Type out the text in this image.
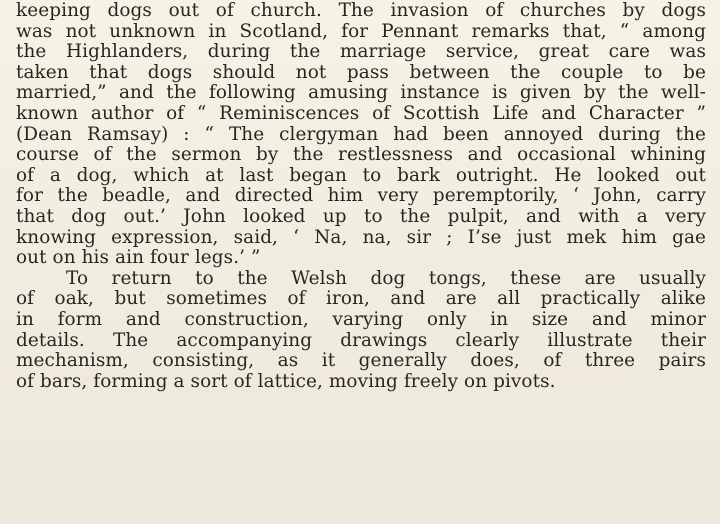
keeping dogs out of church. The invasion of churches by dogs
was not unknown in Scotland, for Pennant remarks that, “ among
the Highlanders, during the marriage service, great care was
taken that dogs should not pass between the couple to be
married,” and the following amusing instance is given by the well-
known author of “ Reminiscences of Scottish Life and Character ”
(Dean Ramsay) : “ The clergyman had been annoyed during the
course of the sermon by the restlessness and occasional whining
of a dog, which at last began to bark outright. He looked out
for the beadle, and directed him very peremptorily, ‘ John, carry
that dog out.’ John looked up to the pulpit, and with a very
knowing expression, said, ‘ Na, na, sir ; I’se just mek him gae
out on his ain four legs.’ ”
To return to the Welsh dog tongs, these are usually
of oak, but sometimes of iron, and are all practically alike
in form and construction, varying only in size and minor
details. The accompanying drawings clearly illustrate their
mechanism, consisting, as it generally does, of three pairs
of bars, forming a sort of lattice, moving freely on pivots.
